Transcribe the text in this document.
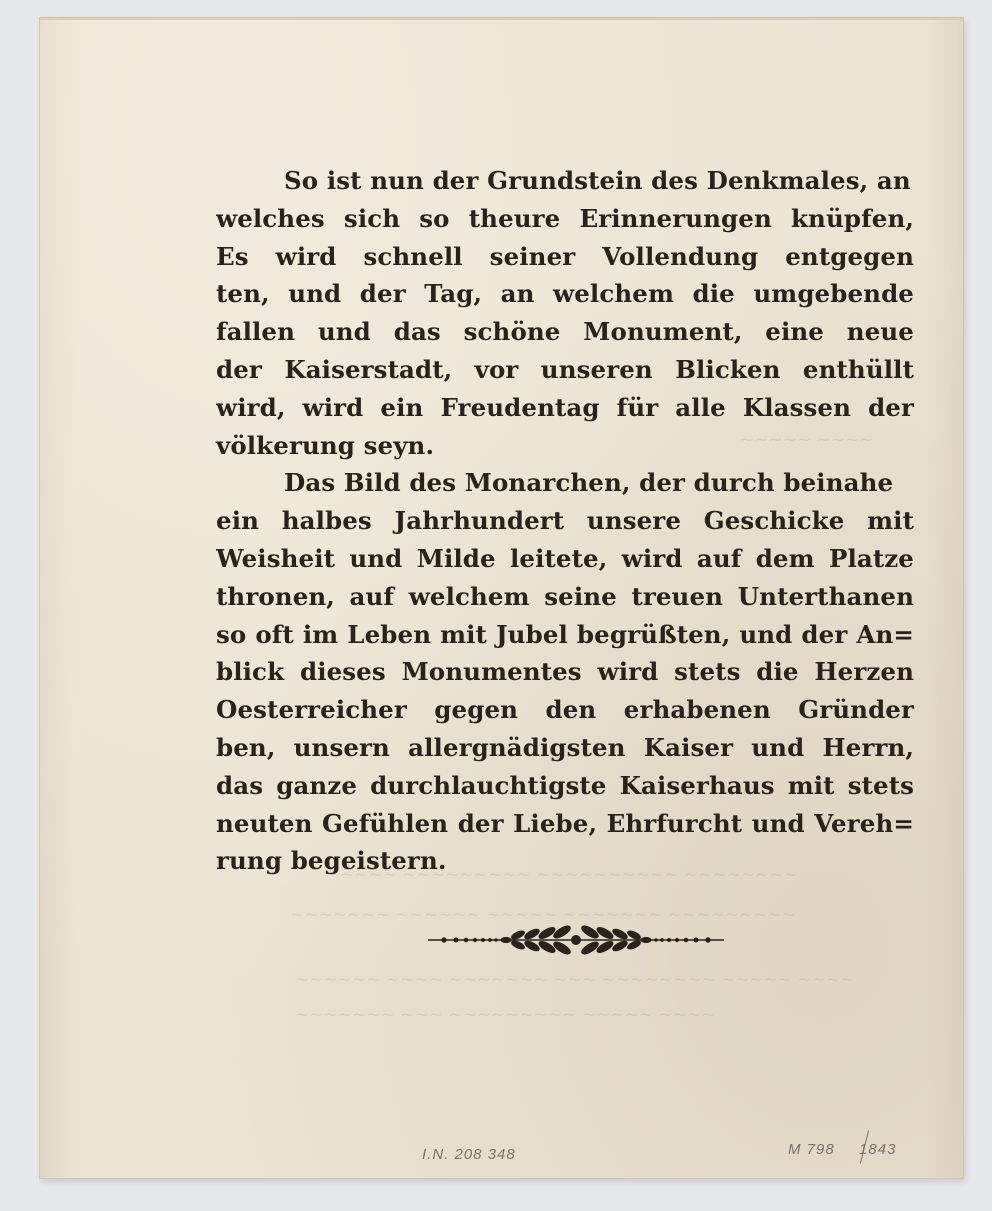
~~~~~ ~~~~
~~~~ ~~~~~~~~~ ~~~~~~~~~~ ~~~~~~~~
~~~~~~~ ~~~~~~ ~~~~~ ~~~~~~~ ~~~~~~~~~
~~~~~~ ~~~~ ~~~~~~~ ~~~ ~~~~~~~~ ~~~~~ ~~~~
~~~~~~~ ~~~ ~~~~~~~~~ ~~~~~ ~~~~
So ist nun der Grundstein des Denkmales, an
welches sich so theure Erinnerungen knüpfen,
Es wird schnell seiner Vollendung entgegen
ten, und der Tag, an welchem die umgebende
fallen und das schöne Monument, eine neue
der Kaiserstadt, vor unseren Blicken enthüllt
wird, wird ein Freudentag für alle Klassen der
völkerung seyn.
Das Bild des Monarchen, der durch beinahe
ein halbes Jahrhundert unsere Geschicke mit
Weisheit und Milde leitete, wird auf dem Platze
thronen, auf welchem seine treuen Unterthanen
so oft im Leben mit Jubel begrüßten, und der An=
blick dieses Monumentes wird stets die Herzen
Oesterreicher gegen den erhabenen Gründer
ben, unsern allergnädigsten Kaiser und Herrn,
das ganze durchlauchtigste Kaiserhaus mit stets
neuten Gefühlen der Liebe, Ehrfurcht und Vereh=
rung begeistern.
I.N. 208 348	M 798 1843
